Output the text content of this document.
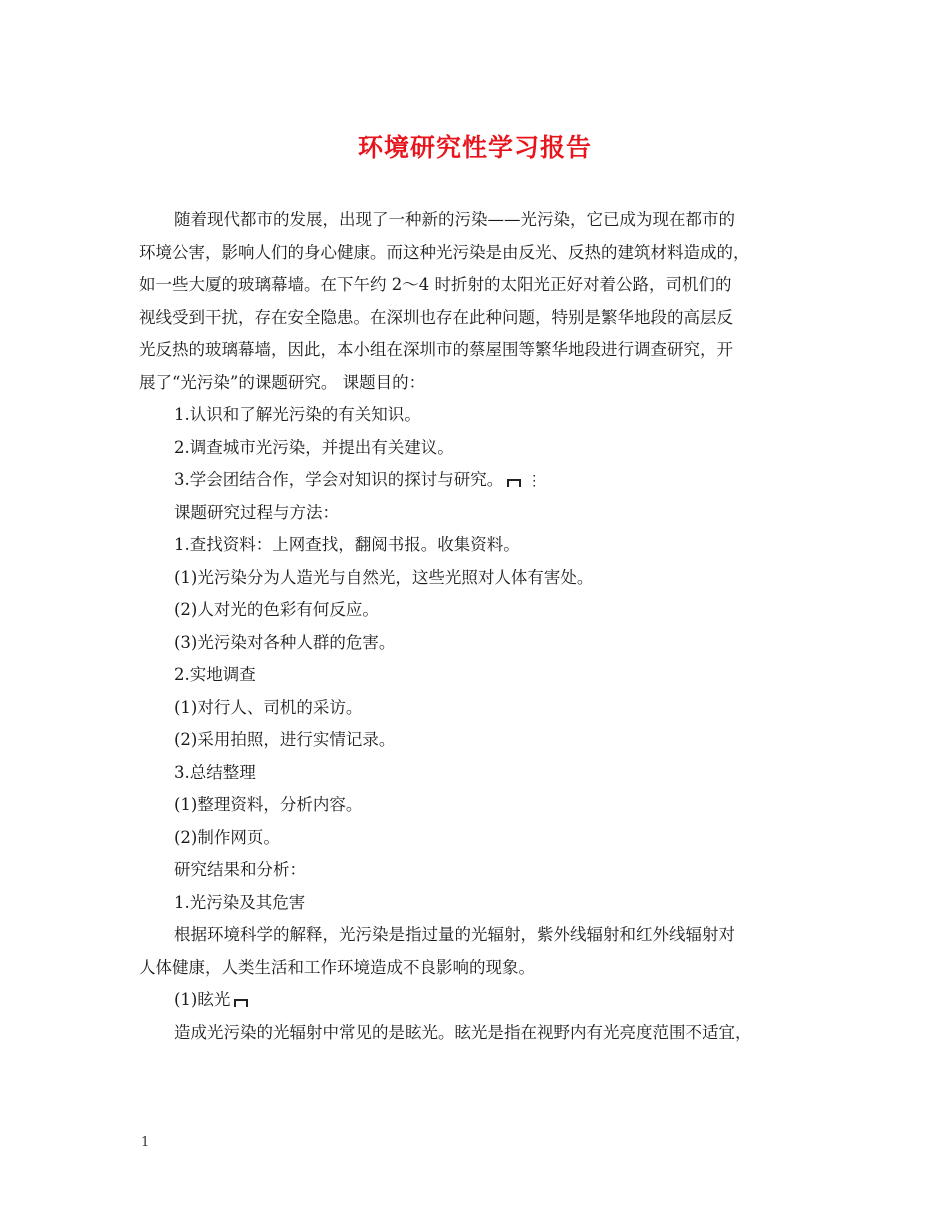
环境研究性学习报告

随着现代都市的发展，出现了一种新的污染——光污染，它已成为现在都市的

环境公害，影响人们的身心健康。而这种光污染是由反光、反热的建筑材料造成的，

如一些大厦的玻璃幕墙。在下午约 2～4 时折射的太阳光正好对着公路，司机们的

视线受到干扰，存在安全隐患。在深圳也存在此种问题，特别是繁华地段的高层反

光反热的玻璃幕墙，因此，本小组在深圳市的蔡屋围等繁华地段进行调查研究，开

展了“光污染”的课题研究。 课题目的：

1.认识和了解光污染的有关知识。

2.调查城市光污染，并提出有关建议。

3.学会团结合作，学会对知识的探讨与研究。 ⋮

课题研究过程与方法：

1.查找资料：上网查找，翻阅书报。收集资料。

(1)光污染分为人造光与自然光，这些光照对人体有害处。

(2)人对光的色彩有何反应。

(3)光污染对各种人群的危害。

2.实地调查

(1)对行人、司机的采访。

(2)采用拍照，进行实情记录。

3.总结整理

(1)整理资料，分析内容。

(2)制作网页。

研究结果和分析：

1.光污染及其危害

根据环境科学的解释，光污染是指过量的光辐射，紫外线辐射和红外线辐射对

人体健康，人类生活和工作环境造成不良影响的现象。

(1)眩光

造成光污染的光辐射中常见的是眩光。眩光是指在视野内有光亮度范围不适宜，

1
